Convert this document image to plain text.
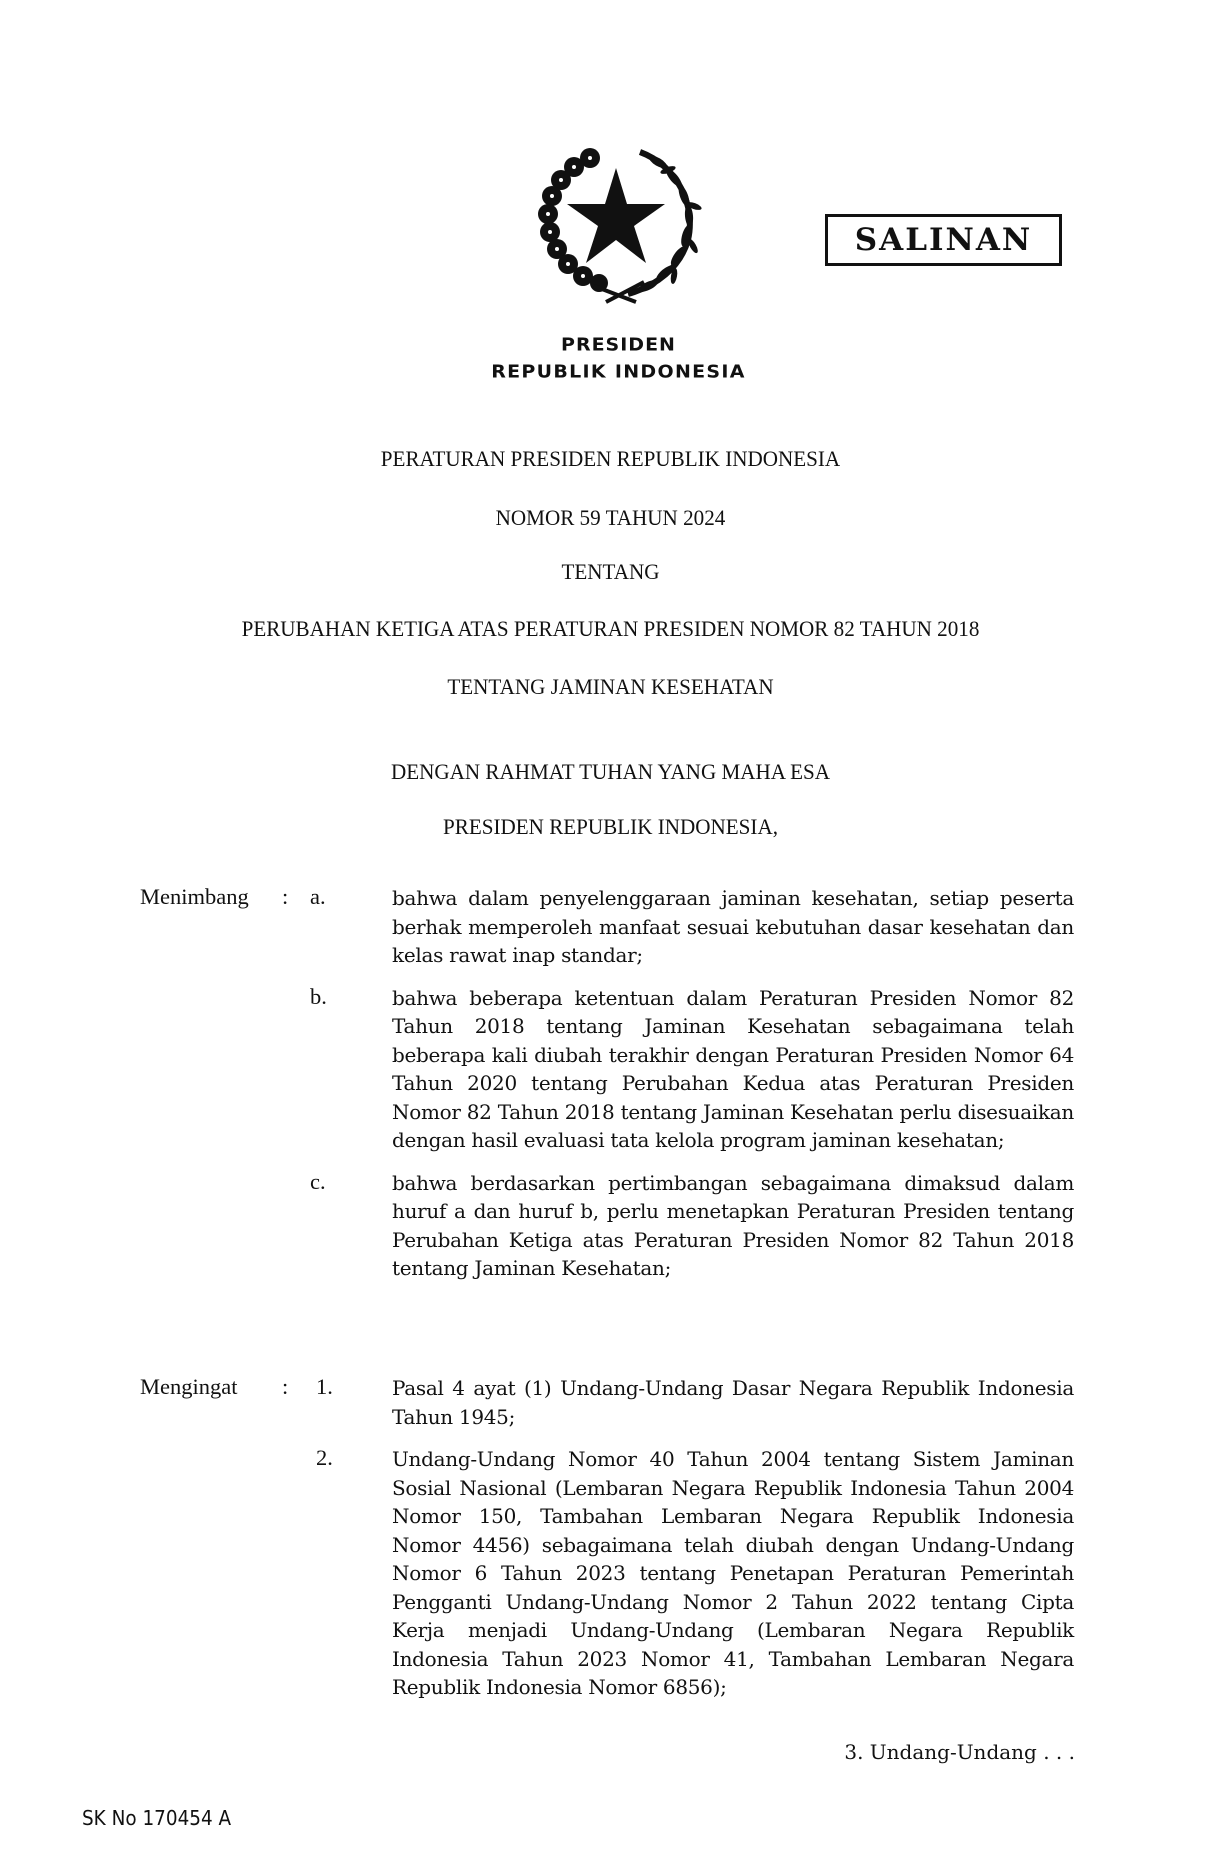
PRESIDEN
REPUBLIK INDONESIA
SALINAN
PERATURAN PRESIDEN REPUBLIK INDONESIA
NOMOR 59 TAHUN 2024
TENTANG
PERUBAHAN KETIGA ATAS PERATURAN PRESIDEN NOMOR 82 TAHUN 2018
TENTANG JAMINAN KESEHATAN
DENGAN RAHMAT TUHAN YANG MAHA ESA
PRESIDEN REPUBLIK INDONESIA,
Menimbang	: a.	bahwa dalam penyelenggaraan jaminan kesehatan, setiap peserta berhak memperoleh manfaat sesuai kebutuhan dasar kesehatan dan kelas rawat inap standar;
b.	bahwa beberapa ketentuan dalam Peraturan Presiden Nomor 82 Tahun 2018 tentang Jaminan Kesehatan sebagaimana telah beberapa kali diubah terakhir dengan Peraturan Presiden Nomor 64 Tahun 2020 tentang Perubahan Kedua atas Peraturan Presiden Nomor 82 Tahun 2018 tentang Jaminan Kesehatan perlu disesuaikan dengan hasil evaluasi tata kelola program jaminan kesehatan;
c.	bahwa berdasarkan pertimbangan sebagaimana dimaksud dalam huruf a dan huruf b, perlu menetapkan Peraturan Presiden tentang Perubahan Ketiga atas Peraturan Presiden Nomor 82 Tahun 2018 tentang Jaminan Kesehatan;
Mengingat	:	1.	Pasal 4 ayat (1) Undang-Undang Dasar Negara Republik Indonesia Tahun 1945;
2.	Undang-Undang Nomor 40 Tahun 2004 tentang Sistem Jaminan Sosial Nasional (Lembaran Negara Republik Indonesia Tahun 2004 Nomor 150, Tambahan Lembaran Negara Republik Indonesia Nomor 4456) sebagaimana telah diubah dengan Undang-Undang Nomor 6 Tahun 2023 tentang Penetapan Peraturan Pemerintah Pengganti Undang-Undang Nomor 2 Tahun 2022 tentang Cipta Kerja menjadi Undang-Undang (Lembaran Negara Republik Indonesia Tahun 2023 Nomor 41, Tambahan Lembaran Negara Republik Indonesia Nomor 6856);
3. Undang-Undang . . .
SK No 170454 A
